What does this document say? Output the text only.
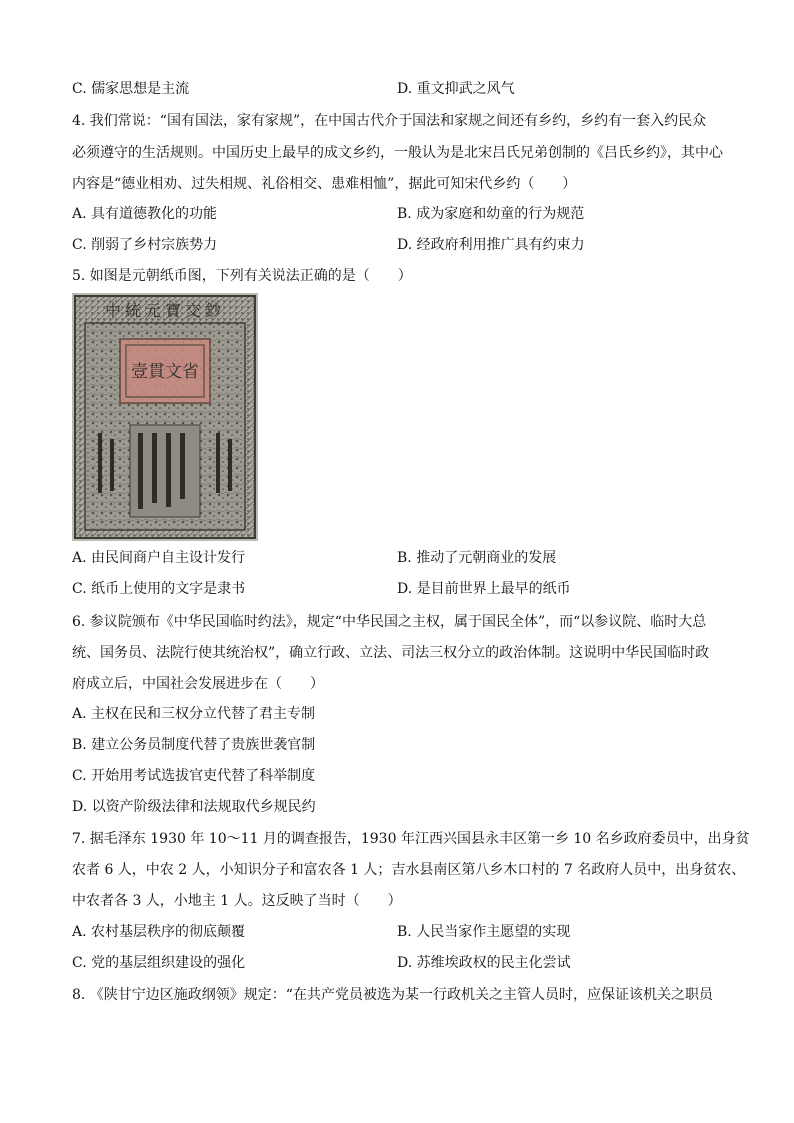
C. 儒家思想是主流	D. 重文抑武之风气
4. 我们常说：“国有国法，家有家规”，在中国古代介于国法和家规之间还有乡约，乡约有一套入约民众
必须遵守的生活规则。中国历史上最早的成文乡约，一般认为是北宋吕氏兄弟创制的《吕氏乡约》，其中心
内容是“德业相劝、过失相规、礼俗相交、患难相恤”，据此可知宋代乡约（　　）
A. 具有道德教化的功能	B. 成为家庭和幼童的行为规范
C. 削弱了乡村宗族势力	D. 经政府利用推广具有约束力
5. 如图是元朝纸币图，下列有关说法正确的是（　　）
中統元寶交鈔
壹貫文省
A. 由民间商户自主设计发行	B. 推动了元朝商业的发展
C. 纸币上使用的文字是隶书	D. 是目前世界上最早的纸币
6. 参议院颁布《中华民国临时约法》，规定“中华民国之主权，属于国民全体”，而“以参议院、临时大总
统、国务员、法院行使其统治权”，确立行政、立法、司法三权分立的政治体制。这说明中华民国临时政
府成立后，中国社会发展进步在（　　）
A. 主权在民和三权分立代替了君主专制
B. 建立公务员制度代替了贵族世袭官制
C. 开始用考试选拔官吏代替了科举制度
D. 以资产阶级法律和法规取代乡规民约
7. 据毛泽东 1930 年 10～11 月的调查报告，1930 年江西兴国县永丰区第一乡 10 名乡政府委员中，出身贫
农者 6 人，中农 2 人，小知识分子和富农各 1 人；吉水县南区第八乡木口村的 7 名政府人员中，出身贫农、
中农者各 3 人，小地主 1 人。这反映了当时（　　）
A. 农村基层秩序的彻底颠覆	B. 人民当家作主愿望的实现
C. 党的基层组织建设的强化	D. 苏维埃政权的民主化尝试
8. 《陕甘宁边区施政纲领》规定：“在共产党员被选为某一行政机关之主管人员时，应保证该机关之职员
